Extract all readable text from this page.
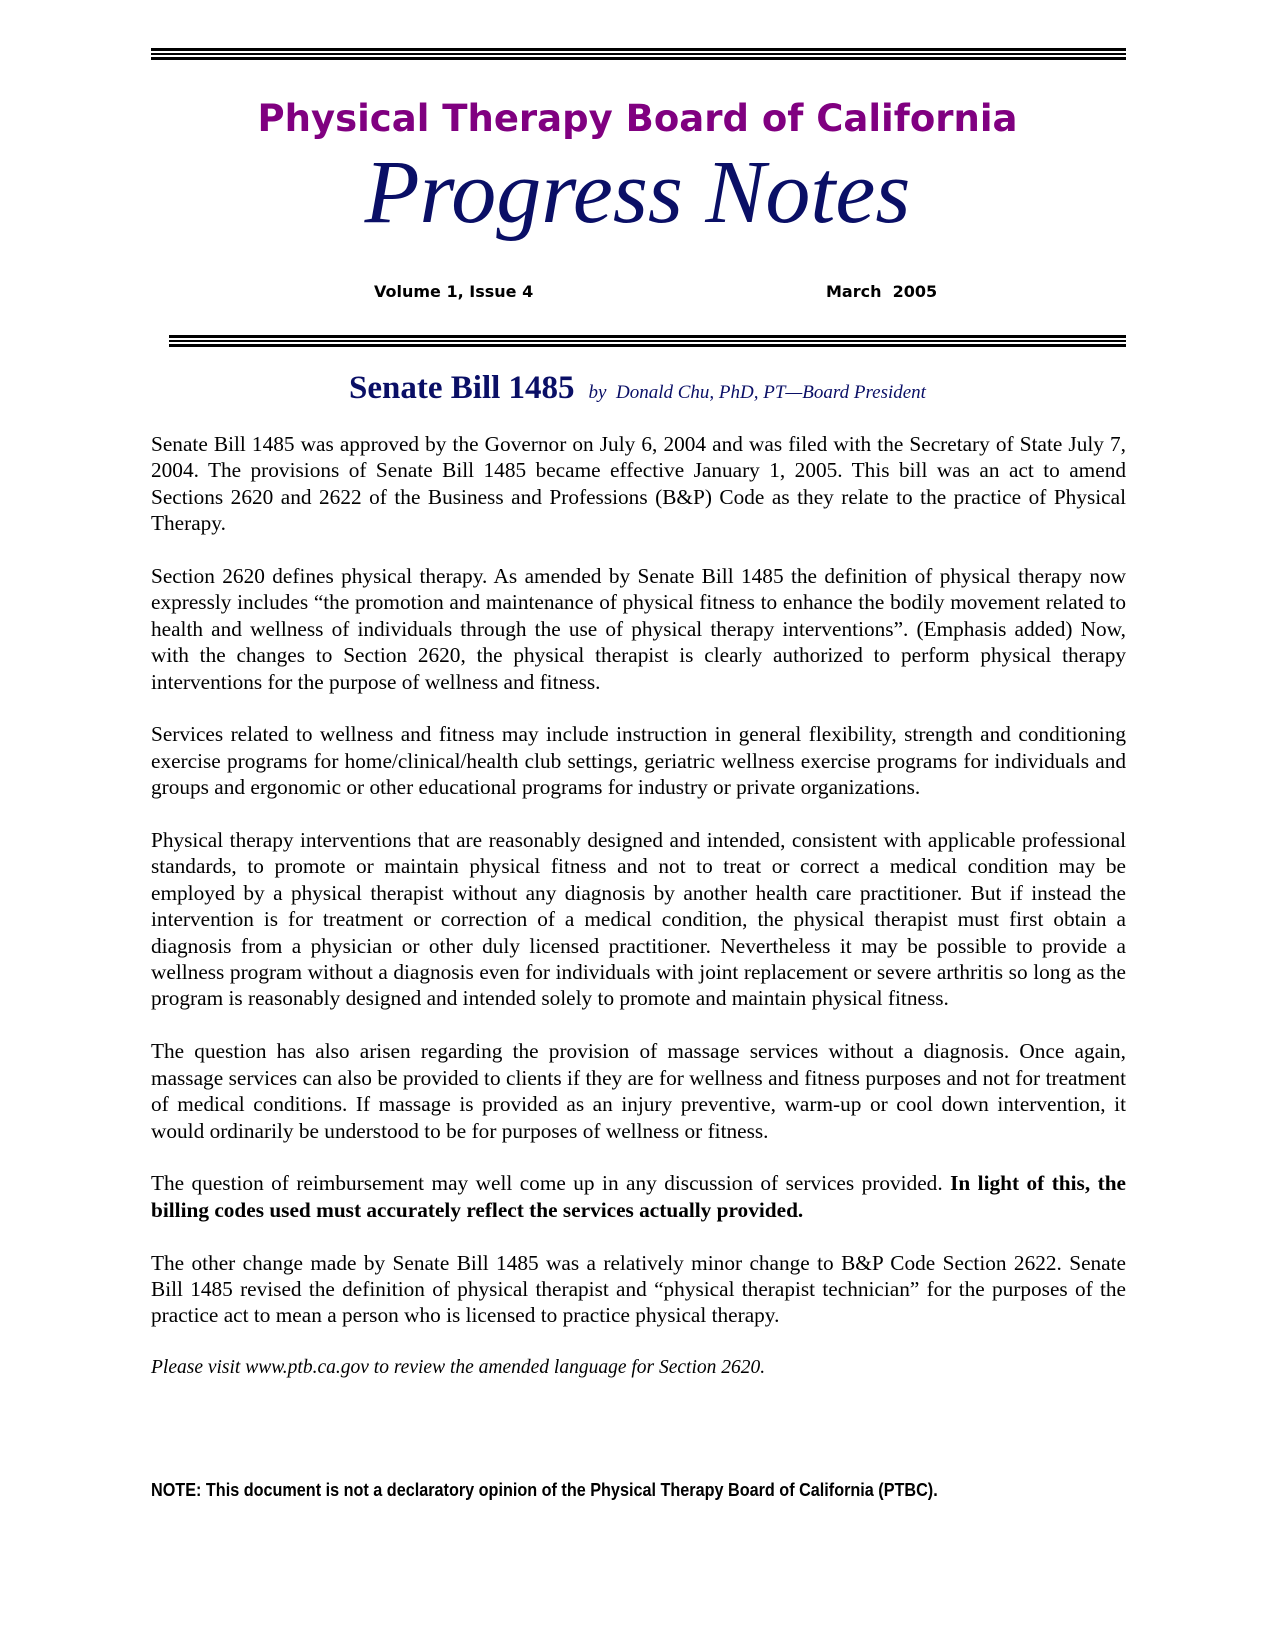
Physical Therapy Board of California
Progress Notes
Volume 1, Issue 4	March  2005
Senate Bill 1485 by  Donald Chu, PhD, PT—Board President

Senate Bill 1485 was approved by the Governor on July 6, 2004 and was filed with the Secretary of State July 7, 2004. The provisions of Senate Bill 1485 became effective January 1, 2005. This bill was an act to amend Sections 2620 and 2622 of the Business and Professions (B&P) Code as they relate to the practice of Physical Therapy.

Section 2620 defines physical therapy. As amended by Senate Bill 1485 the definition of physical therapy now expressly includes “the promotion and maintenance of physical fitness to enhance the bodily movement related to health and wellness of individuals through the use of physical therapy interventions”. (Emphasis added) Now, with the changes to Section 2620, the physical therapist is clearly authorized to perform physical therapy interventions for the purpose of wellness and fitness.

Services related to wellness and fitness may include instruction in general flexibility, strength and conditioning exercise programs for home/clinical/health club settings, geriatric wellness exercise programs for individuals and groups and ergonomic or other educational programs for industry or private organizations.

Physical therapy interventions that are reasonably designed and intended, consistent with applicable professional standards, to promote or maintain physical fitness and not to treat or correct a medical condition may be employed by a physical therapist without any diagnosis by another health care practitioner. But if instead the intervention is for treatment or correction of a medical condition, the physical therapist must first obtain a diagnosis from a physician or other duly licensed practitioner. Nevertheless it may be possible to provide a wellness program without a diagnosis even for individuals with joint replacement or severe arthritis so long as the program is reasonably designed and intended solely to promote and maintain physical fitness.

The question has also arisen regarding the provision of massage services without a diagnosis. Once again, massage services can also be provided to clients if they are for wellness and fitness purposes and not for treatment of medical conditions. If massage is provided as an injury preventive, warm-up or cool down intervention, it would ordinarily be understood to be for purposes of wellness or fitness.

The question of reimbursement may well come up in any discussion of services provided. In light of this, the billing codes used must accurately reflect the services actually provided.

The other change made by Senate Bill 1485 was a relatively minor change to B&P Code Section 2622. Senate Bill 1485 revised the definition of physical therapist and “physical therapist technician” for the purposes of the practice act to mean a person who is licensed to practice physical therapy.

Please visit www.ptb.ca.gov to review the amended language for Section 2620.

NOTE: This document is not a declaratory opinion of the Physical Therapy Board of California (PTBC).
